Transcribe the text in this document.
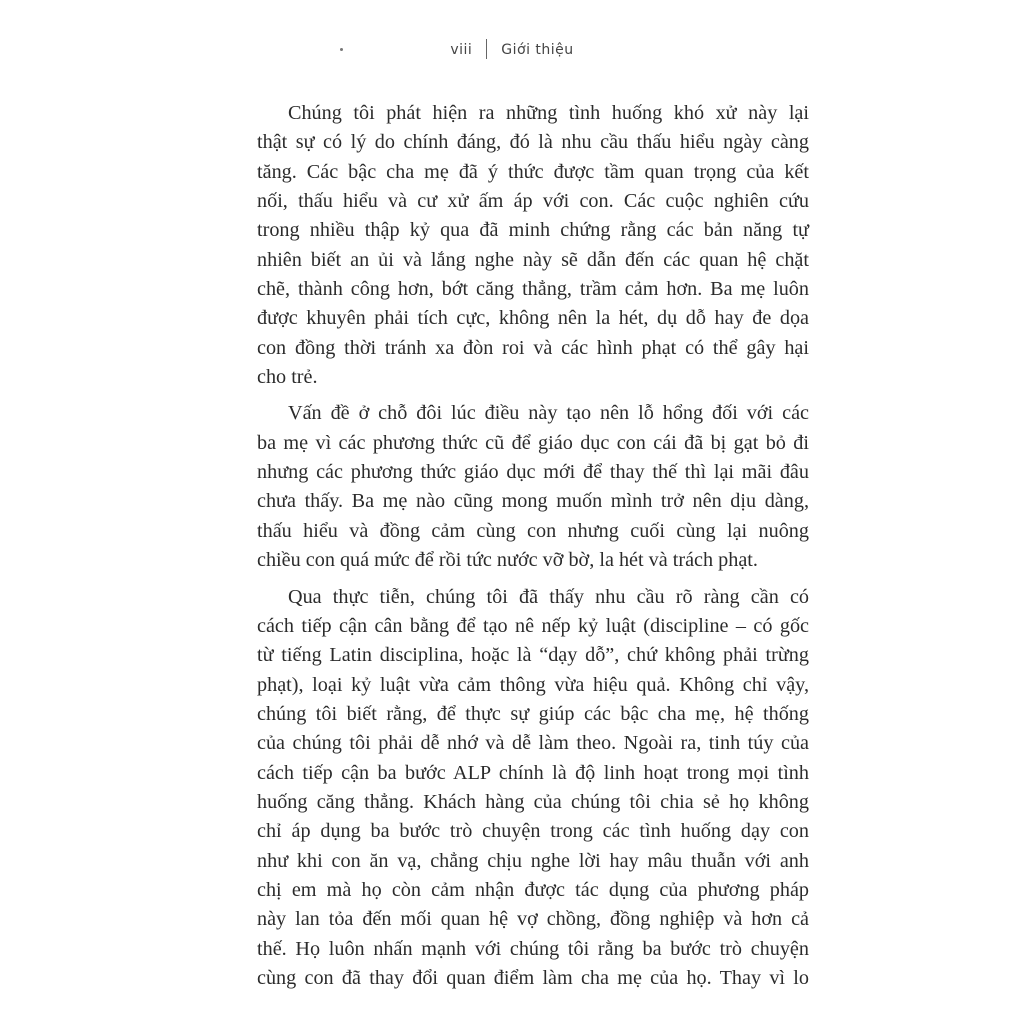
viii Giới thiệu

Chúng tôi phát hiện ra những tình huống khó xử này lại
thật sự có lý do chính đáng, đó là nhu cầu thấu hiểu ngày càng
tăng. Các bậc cha mẹ đã ý thức được tầm quan trọng của kết
nối, thấu hiểu và cư xử ấm áp với con. Các cuộc nghiên cứu
trong nhiều thập kỷ qua đã minh chứng rằng các bản năng tự
nhiên biết an ủi và lắng nghe này sẽ dẫn đến các quan hệ chặt
chẽ, thành công hơn, bớt căng thẳng, trầm cảm hơn. Ba mẹ luôn
được khuyên phải tích cực, không nên la hét, dụ dỗ hay đe dọa
con đồng thời tránh xa đòn roi và các hình phạt có thể gây hại
cho trẻ.

Vấn đề ở chỗ đôi lúc điều này tạo nên lỗ hổng đối với các
ba mẹ vì các phương thức cũ để giáo dục con cái đã bị gạt bỏ đi
nhưng các phương thức giáo dục mới để thay thế thì lại mãi đâu
chưa thấy. Ba mẹ nào cũng mong muốn mình trở nên dịu dàng,
thấu hiểu và đồng cảm cùng con nhưng cuối cùng lại nuông
chiều con quá mức để rồi tức nước vỡ bờ, la hét và trách phạt.

Qua thực tiễn, chúng tôi đã thấy nhu cầu rõ ràng cần có
cách tiếp cận cân bằng để tạo nê nếp kỷ luật (discipline – có gốc
từ tiếng Latin disciplina, hoặc là “dạy dỗ”, chứ không phải trừng
phạt), loại kỷ luật vừa cảm thông vừa hiệu quả. Không chỉ vậy,
chúng tôi biết rằng, để thực sự giúp các bậc cha mẹ, hệ thống
của chúng tôi phải dễ nhớ và dễ làm theo. Ngoài ra, tinh túy của
cách tiếp cận ba bước ALP chính là độ linh hoạt trong mọi tình
huống căng thẳng. Khách hàng của chúng tôi chia sẻ họ không
chỉ áp dụng ba bước trò chuyện trong các tình huống dạy con
như khi con ăn vạ, chẳng chịu nghe lời hay mâu thuẫn với anh
chị em mà họ còn cảm nhận được tác dụng của phương pháp
này lan tỏa đến mối quan hệ vợ chồng, đồng nghiệp và hơn cả
thế. Họ luôn nhấn mạnh với chúng tôi rằng ba bước trò chuyện
cùng con đã thay đổi quan điểm làm cha mẹ của họ. Thay vì lo
